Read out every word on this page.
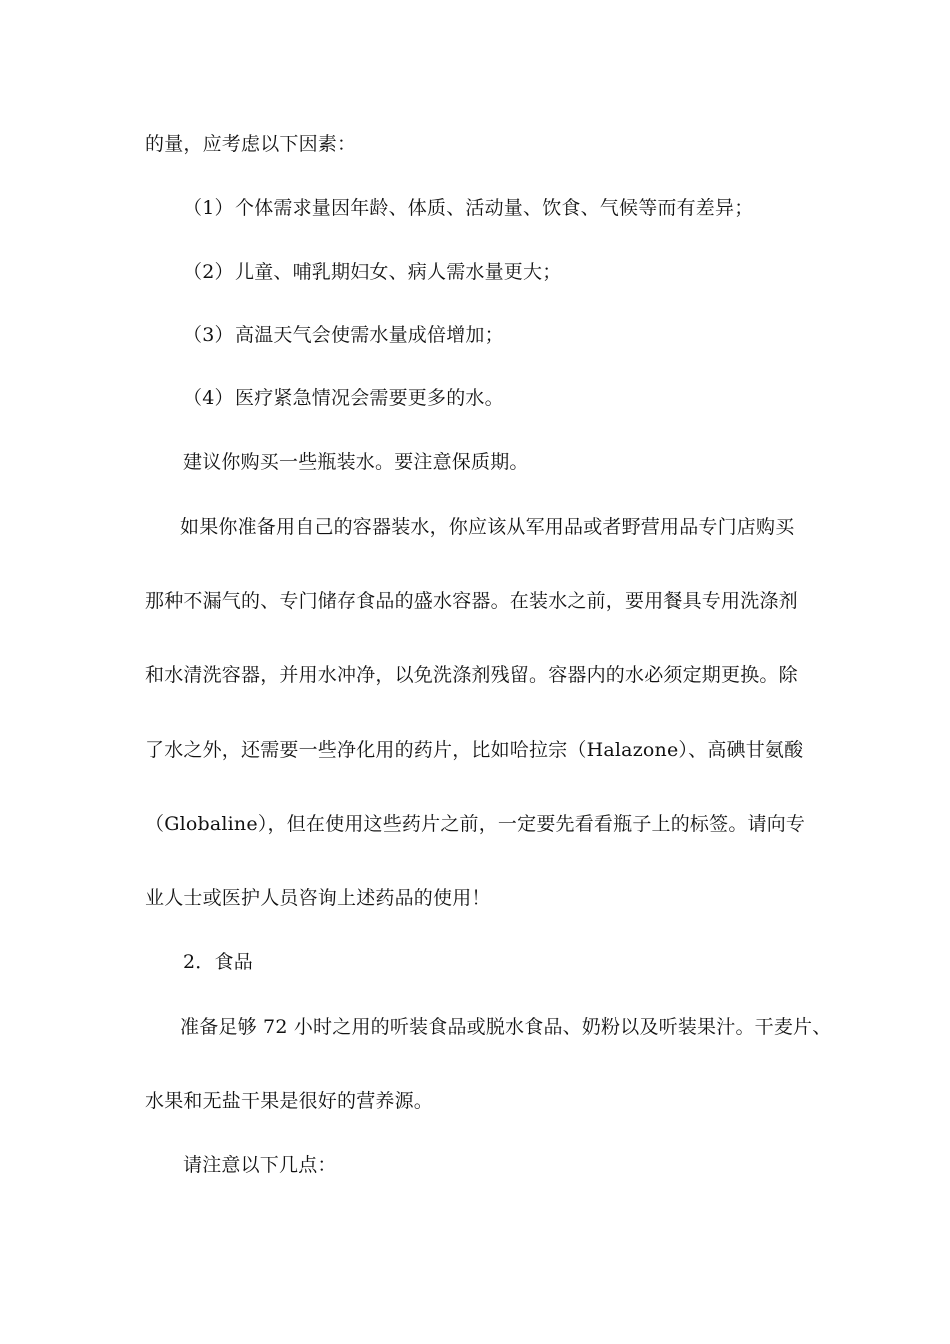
的量，应考虑以下因素：
（1）个体需求量因年龄、体质、活动量、饮食、气候等而有差异；
（2）儿童、哺乳期妇女、病人需水量更大；
（3）高温天气会使需水量成倍增加；
（4）医疗紧急情况会需要更多的水。
建议你购买一些瓶装水。要注意保质期。
如果你准备用自己的容器装水，你应该从军用品或者野营用品专门店购买
那种不漏气的、专门储存食品的盛水容器。在装水之前，要用餐具专用洗涤剂
和水清洗容器，并用水冲净，以免洗涤剂残留。容器内的水必须定期更换。除
了水之外，还需要一些净化用的药片，比如哈拉宗（Halazone）、高碘甘氨酸
（Globaline），但在使用这些药片之前，一定要先看看瓶子上的标签。请向专
业人士或医护人员咨询上述药品的使用！
2．食品
准备足够 72 小时之用的听装食品或脱水食品、奶粉以及听装果汁。干麦片、
水果和无盐干果是很好的营养源。
请注意以下几点：
